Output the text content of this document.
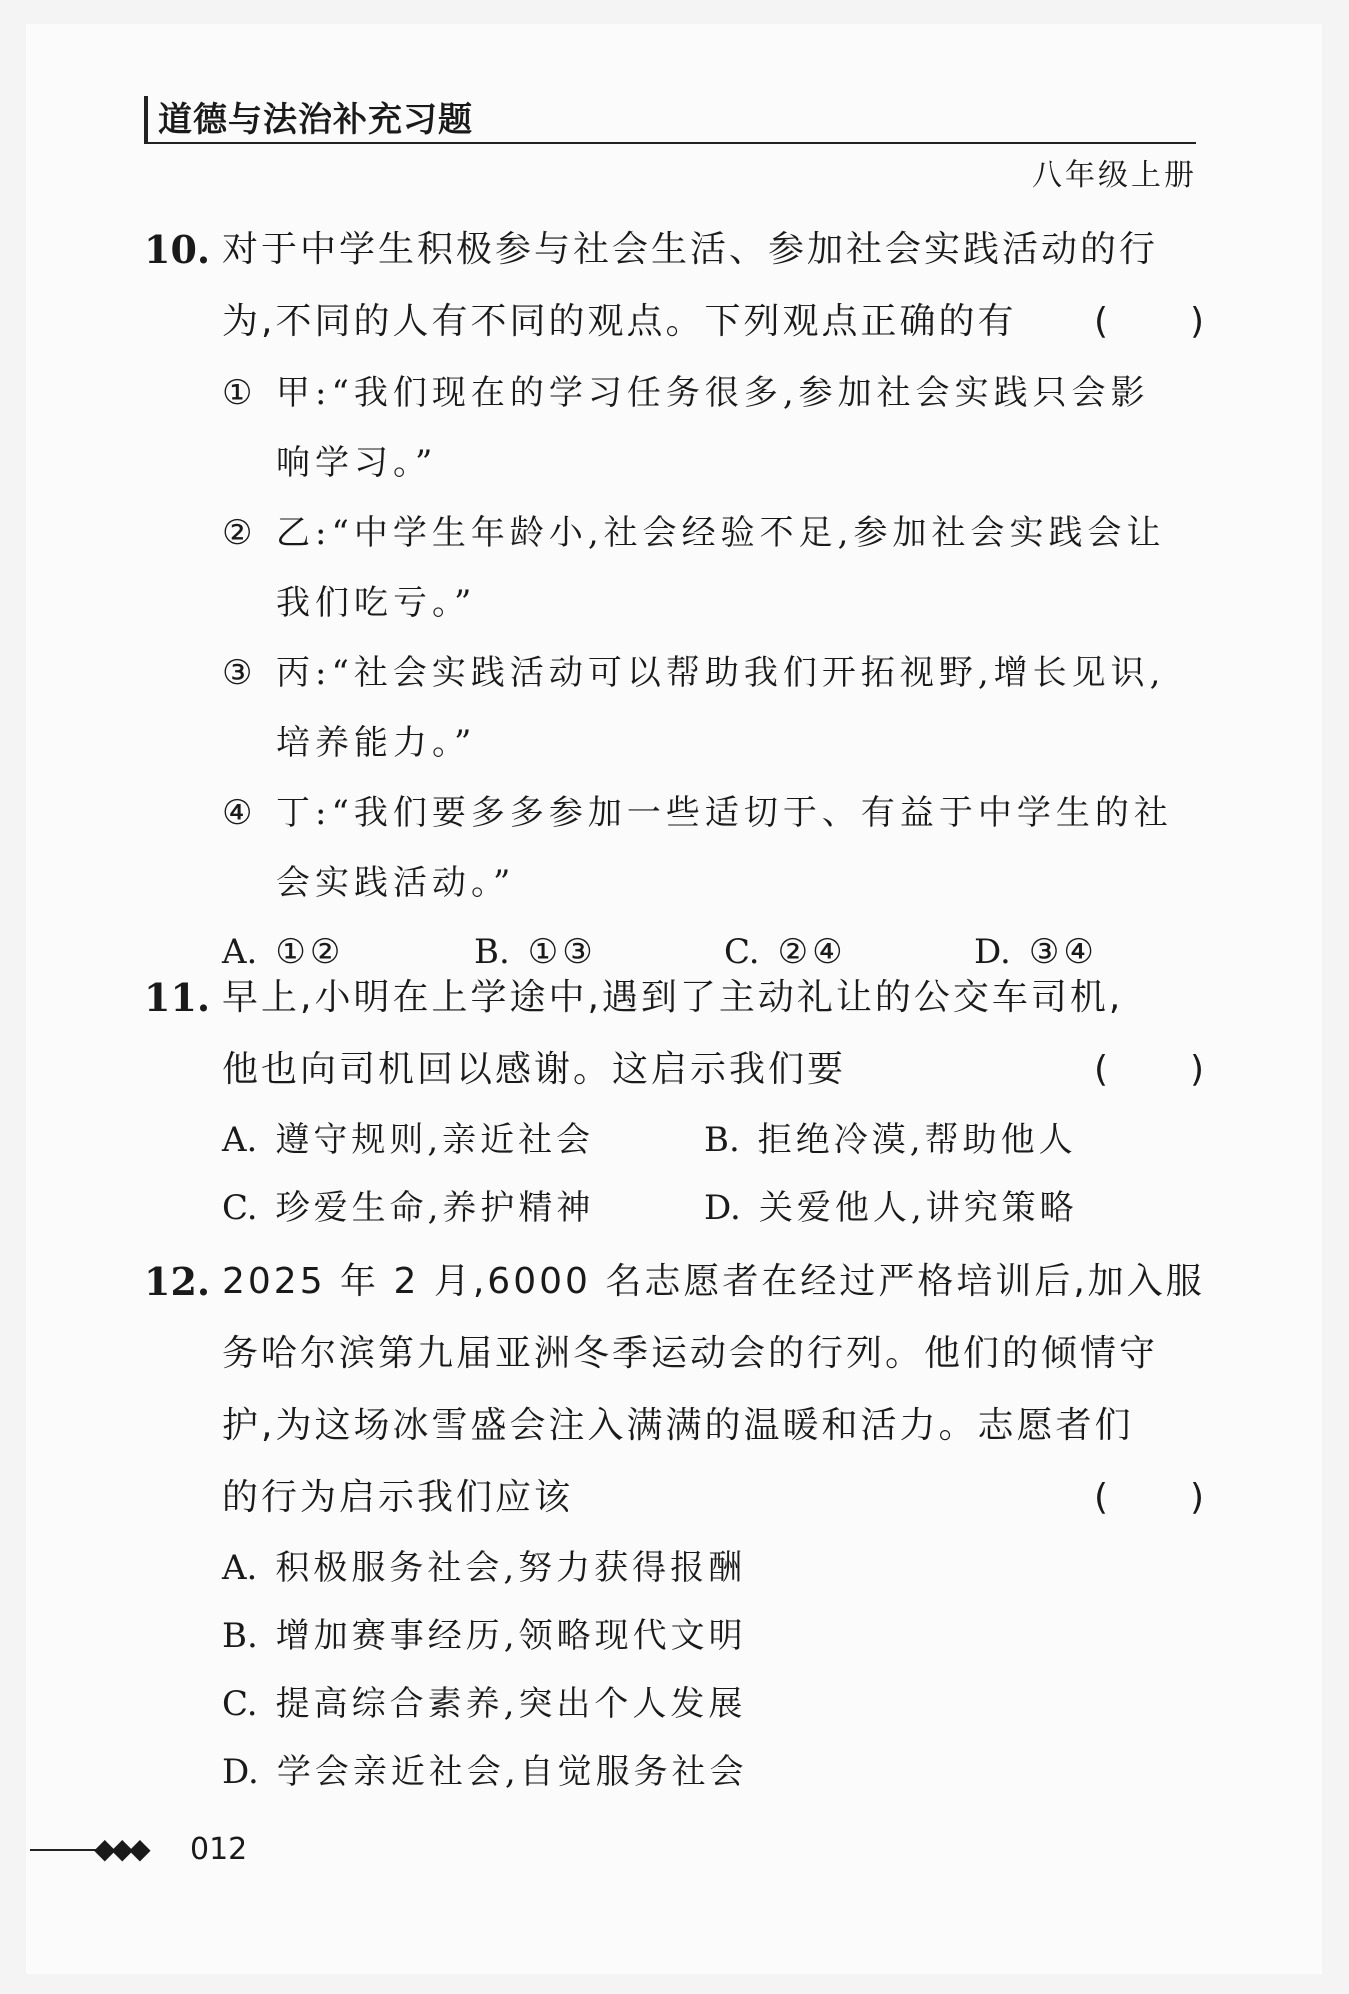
道德与法治补充习题
八年级上册
10. 对于中学生积极参与社会生活、参加社会实践活动的行
为,不同的人有不同的观点。下列观点正确的有 ( )
① 甲:“我们现在的学习任务很多,参加社会实践只会影
响学习。”
② 乙:“中学生年龄小,社会经验不足,参加社会实践会让
我们吃亏。”
③ 丙:“社会实践活动可以帮助我们开拓视野,增长见识,
培养能力。”
④ 丁:“我们要多多参加一些适切于、有益于中学生的社
会实践活动。”
A. ①②	B. ①③	C. ②④	D. ③④
11. 早上,小明在上学途中,遇到了主动礼让的公交车司机,
他也向司机回以感谢。这启示我们要	( )
A. 遵守规则,亲近社会	B. 拒绝冷漠,帮助他人
C. 珍爱生命,养护精神	D. 关爱他人,讲究策略
12. 2025 年 2 月,6000 名志愿者在经过严格培训后,加入服
务哈尔滨第九届亚洲冬季运动会的行列。他们的倾情守
护,为这场冰雪盛会注入满满的温暖和活力。志愿者们
的行为启示我们应该	( )
A. 积极服务社会,努力获得报酬
B. 增加赛事经历,领略现代文明
C. 提高综合素养,突出个人发展
D. 学会亲近社会,自觉服务社会
◆◆◆ 012
